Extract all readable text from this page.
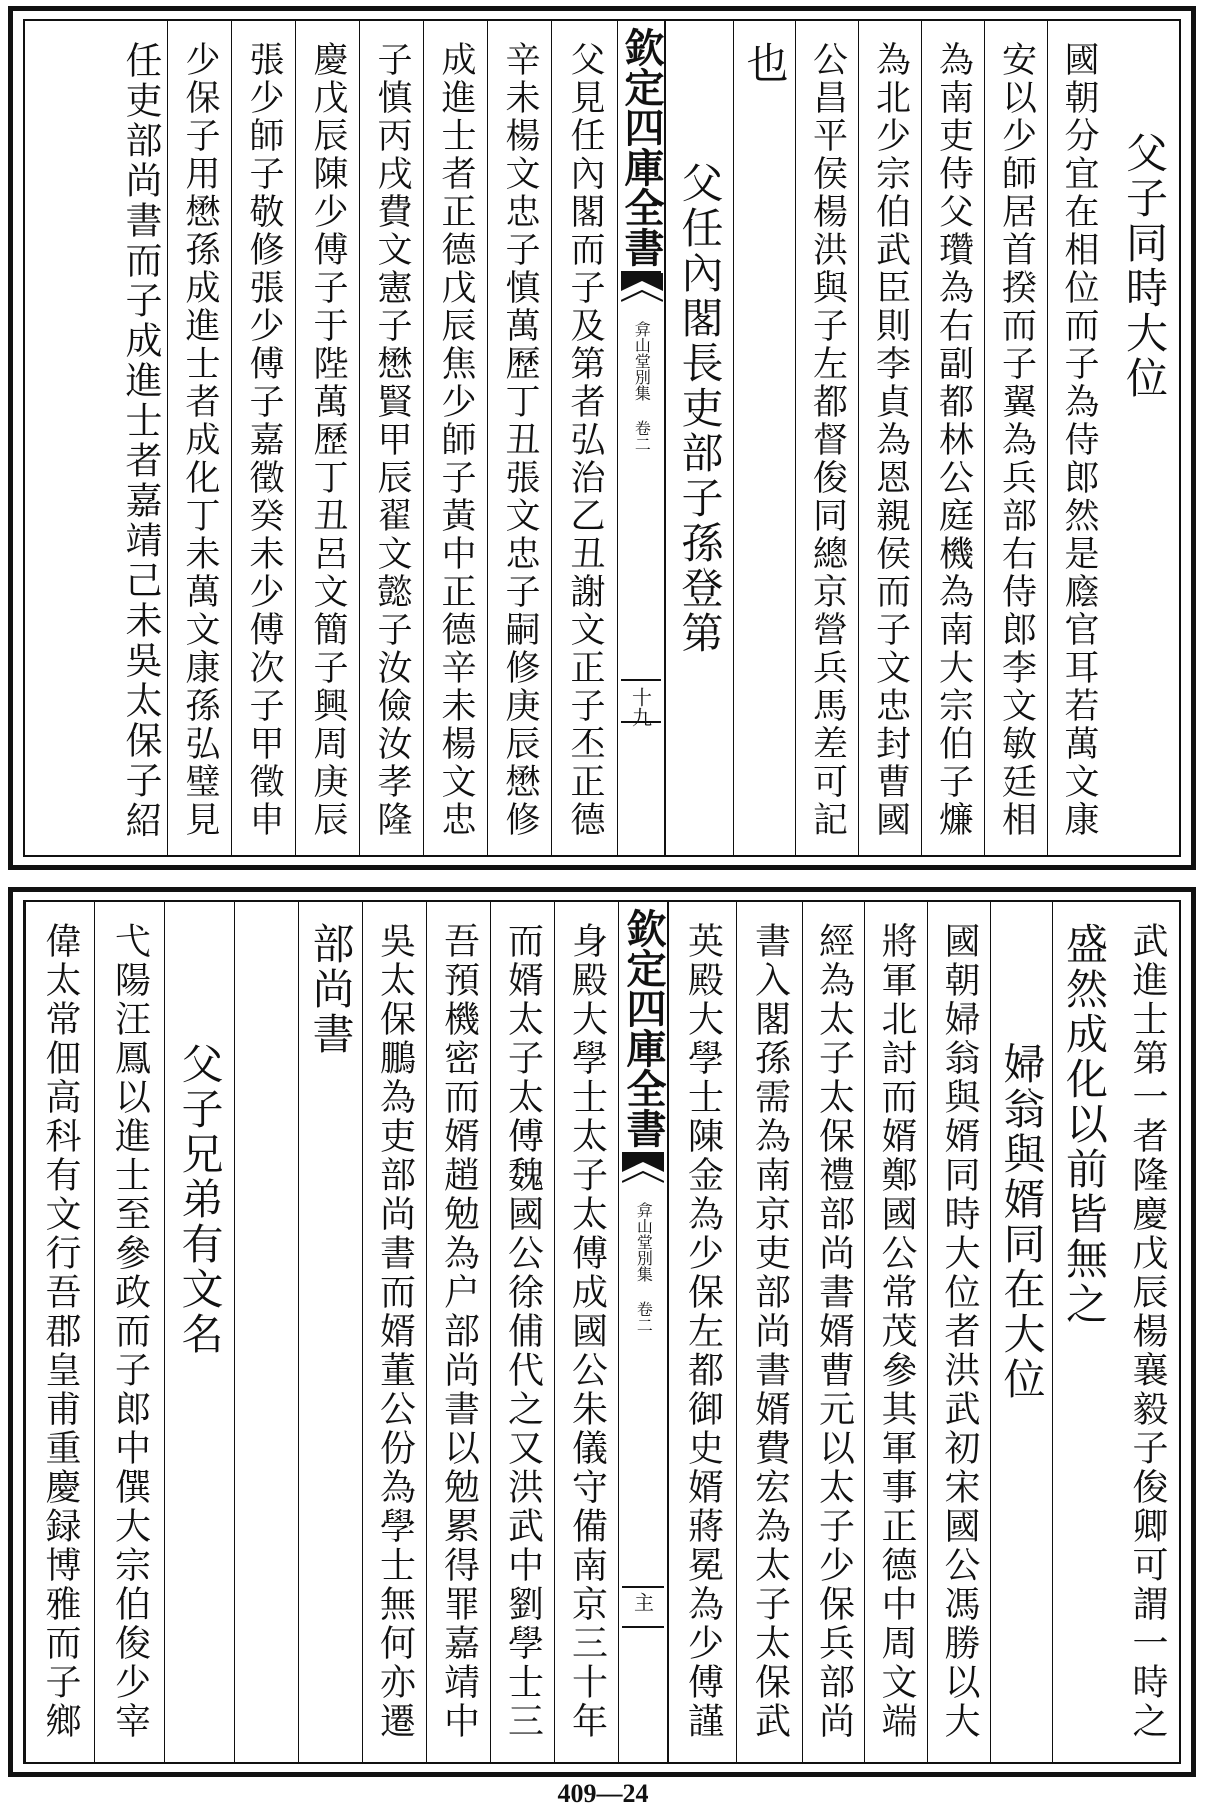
父子同時大位
國朝分宜在相位而子為侍郎然是廕官耳若萬文康
安以少師居首揆而子翼為兵部右侍郎李文敏廷相
為南吏侍父瓚為右副都林公庭機為南大宗伯子燫
為北少宗伯武臣則李貞為恩親侯而子文忠封曹國
公昌平侯楊洪與子左都督俊同總京營兵馬差可記
也
父任內閣長吏部子孫登第
欽定四庫全書
弇山堂別集 卷二
十九
父見任內閣而子及第者弘治乙丑謝文正子丕正德
辛未楊文忠子慎萬歷丁丑張文忠子嗣修庚辰懋修
成進士者正德戊辰焦少師子黃中正德辛未楊文忠
子慎丙戌費文憲子懋賢甲辰翟文懿子汝儉汝孝隆
慶戊辰陳少傅子于陛萬歷丁丑呂文簡子興周庚辰
張少師子敬修張少傅子嘉徵癸未少傅次子甲徵申
少保子用懋孫成進士者成化丁未萬文康孫弘璧見
任吏部尚書而子成進士者嘉靖己未吳太保子紹
武進士第一者隆慶戊辰楊襄毅子俊卿可謂一時之
盛然成化以前皆無之
婦翁與婿同在大位
國朝婦翁與婿同時大位者洪武初宋國公馮勝以大
將軍北討而婿鄭國公常茂參其軍事正德中周文端
經為太子太保禮部尚書婿曹元以太子少保兵部尚
書入閣孫需為南京吏部尚書婿費宏為太子太保武
英殿大學士陳金為少保左都御史婿蔣冕為少傅謹
欽定四庫全書
弇山堂別集 卷二
主
身殿大學士太子太傅成國公朱儀守備南京三十年
而婿太子太傅魏國公徐俌代之又洪武中劉學士三
吾預機密而婿趙勉為户部尚書以勉累得罪嘉靖中
吳太保鵬為吏部尚書而婿董公份為學士無何亦遷
部尚書
父子兄弟有文名
弋陽汪鳳以進士至參政而子郎中僎大宗伯俊少宰
偉太常佃高科有文行吾郡皇甫重慶録博雅而子鄉
409—24
